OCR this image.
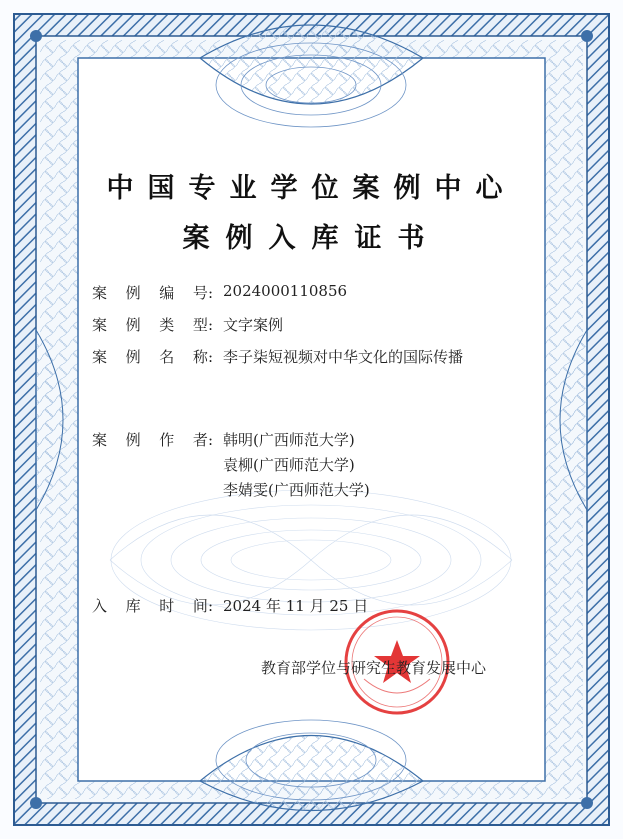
中国专业学位案例中心
案例入库证书
案 例 编 号: 2024000110856
案 例 类 型: 文字案例
案 例 名 称: 李子柒短视频对中华文化的国际传播
案 例 作 者: 韩明(广西师范大学)
袁柳(广西师范大学)
李婧雯(广西师范大学)
入 库 时 间: 2024 年 11 月 25 日
教育部学位与研究生教育发展中心
